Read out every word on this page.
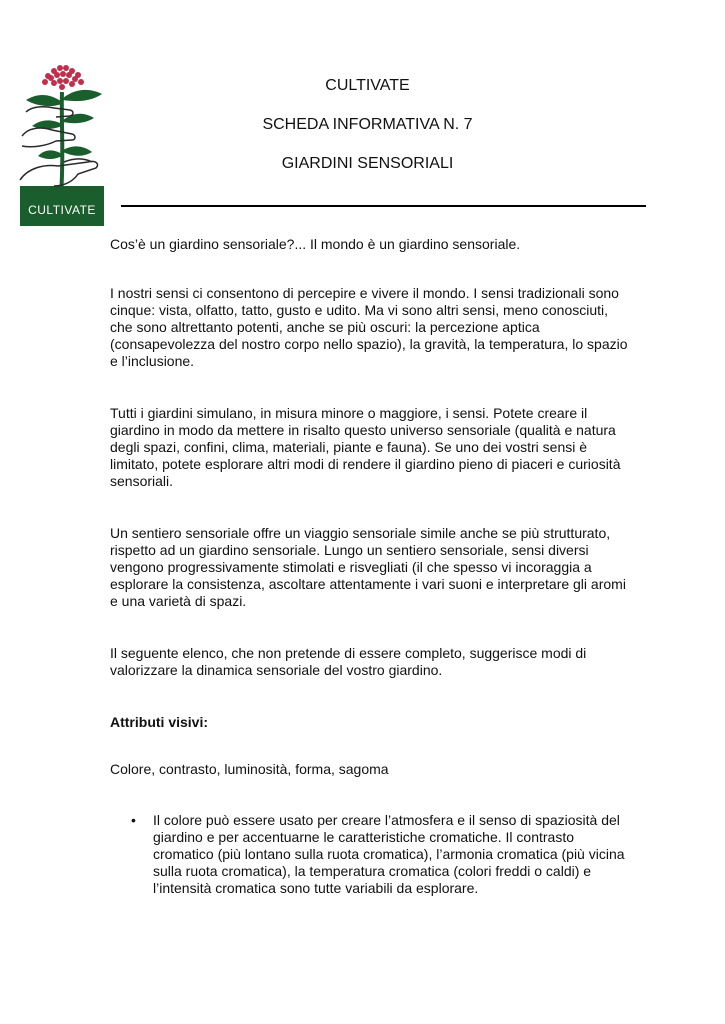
CULTIVATE
CULTIVATE
SCHEDA INFORMATIVA N. 7
GIARDINI SENSORIALI

Cos’è un giardino sensoriale?... Il mondo è un giardino sensoriale.

I nostri sensi ci consentono di percepire e vivere il mondo. I sensi tradizionali sono cinque: vista, olfatto, tatto, gusto e udito. Ma vi sono altri sensi, meno conosciuti, che sono altrettanto potenti, anche se più oscuri: la percezione aptica (consapevolezza del nostro corpo nello spazio), la gravità, la temperatura, lo spazio e l’inclusione.

Tutti i giardini simulano, in misura minore o maggiore, i sensi. Potete creare il giardino in modo da mettere in risalto questo universo sensoriale (qualità e natura degli spazi, confini, clima, materiali, piante e fauna). Se uno dei vostri sensi è limitato, potete esplorare altri modi di rendere il giardino pieno di piaceri e curiosità sensoriali.

Un sentiero sensoriale offre un viaggio sensoriale simile anche se più strutturato, rispetto ad un giardino sensoriale. Lungo un sentiero sensoriale, sensi diversi vengono progressivamente stimolati e risvegliati (il che spesso vi incoraggia a esplorare la consistenza, ascoltare attentamente i vari suoni e interpretare gli aromi e una varietà di spazi.

Il seguente elenco, che non pretende di essere completo, suggerisce modi di valorizzare la dinamica sensoriale del vostro giardino.

Attributi visivi:

Colore, contrasto, luminosità, forma, sagoma

• Il colore può essere usato per creare l’atmosfera e il senso di spaziosità del giardino e per accentuarne le caratteristiche cromatiche. Il contrasto cromatico (più lontano sulla ruota cromatica), l’armonia cromatica (più vicina sulla ruota cromatica), la temperatura cromatica (colori freddi o caldi) e l’intensità cromatica sono tutte variabili da esplorare.
